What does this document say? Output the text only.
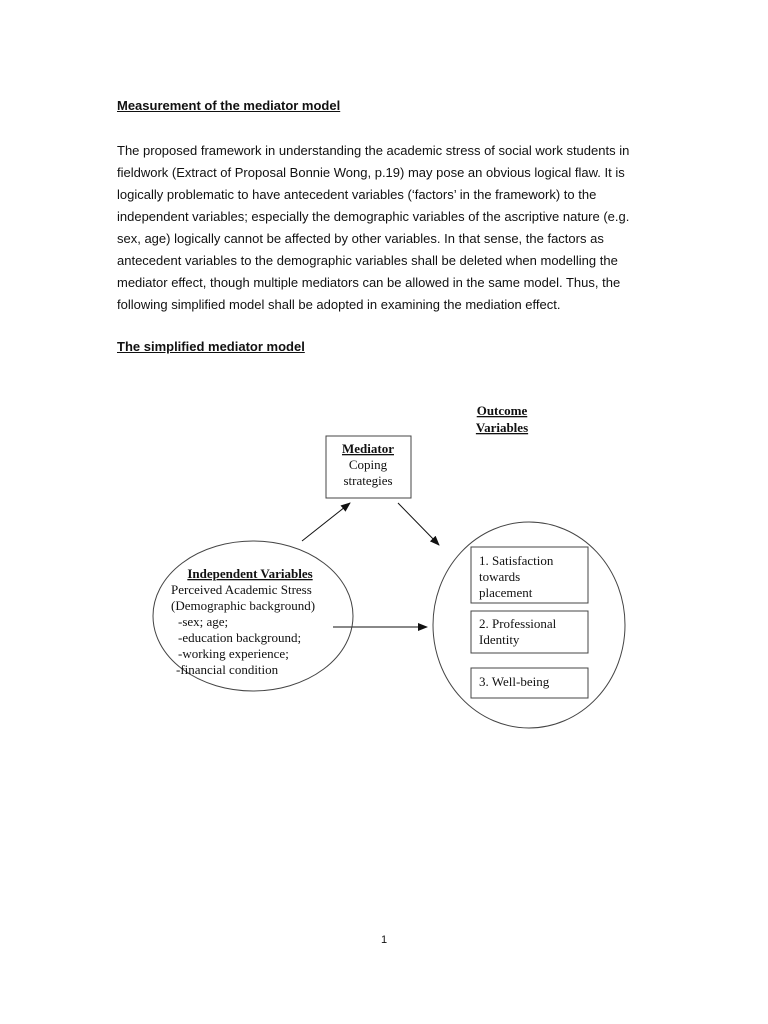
Measurement of the mediator model
The proposed framework in understanding the academic stress of social work students in
fieldwork (Extract of Proposal Bonnie Wong, p.19) may pose an obvious logical flaw. It is
logically problematic to have antecedent variables (‘factors’ in the framework) to the
independent variables; especially the demographic variables of the ascriptive nature (e.g.
sex, age) logically cannot be affected by other variables. In that sense, the factors as
antecedent variables to the demographic variables shall be deleted when modelling the
mediator effect, though multiple mediators can be allowed in the same model. Thus, the
following simplified model shall be adopted in examining the mediation effect.
The simplified mediator model
Outcome
Variables
Mediator
Coping
strategies
Independent Variables
Perceived Academic Stress
(Demographic background)
-sex; age;
-education background;
-working experience;
-financial condition
1. Satisfaction
towards
placement
2. Professional
Identity
3. Well-being
1
